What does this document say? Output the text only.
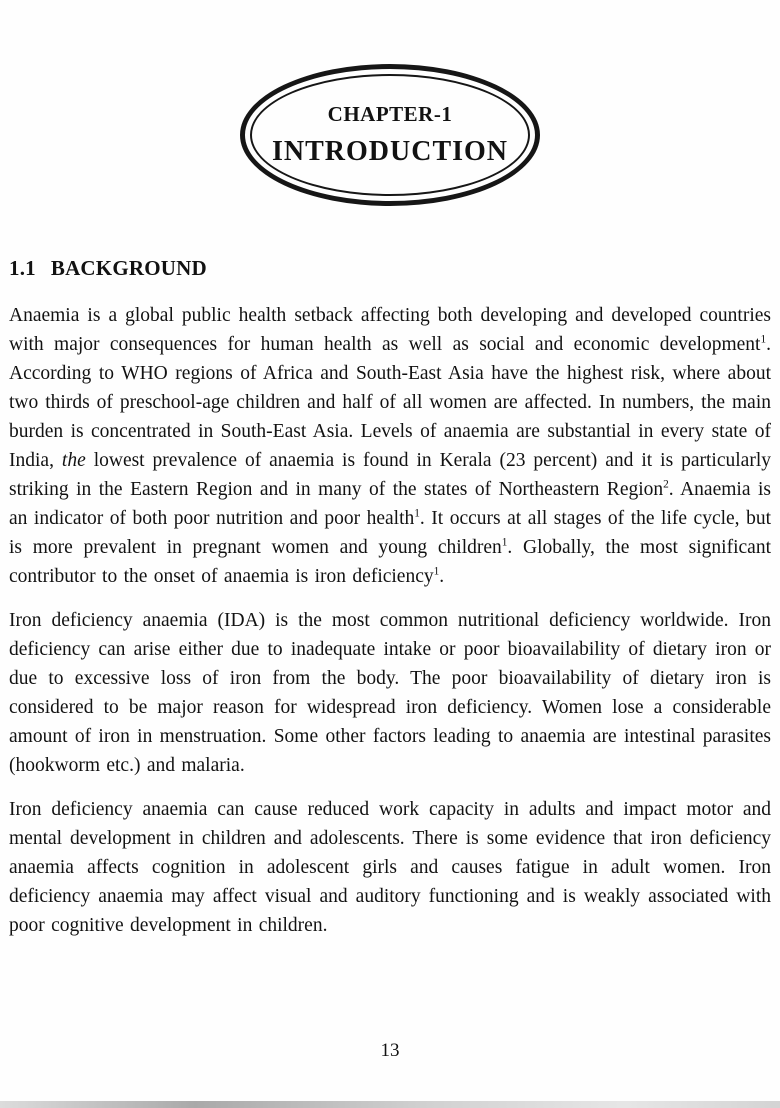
CHAPTER-1
INTRODUCTION
1.1 BACKGROUND

Anaemia is a global public health setback affecting both developing and developed countries with major consequences for human health as well as social and economic development$^1$. According to WHO regions of Africa and South-East Asia have the highest risk, where about two thirds of preschool-age children and half of all women are affected. In numbers, the main burden is concentrated in South-East Asia. Levels of anaemia are substantial in every state of India, the lowest prevalence of anaemia is found in Kerala (23 percent) and it is particularly striking in the Eastern Region and in many of the states of Northeastern Region$^2$. Anaemia is an indicator of both poor nutrition and poor health$^1$. It occurs at all stages of the life cycle, but is more prevalent in pregnant women and young children$^1$. Globally, the most significant contributor to the onset of anaemia is iron deficiency$^1$.

Iron deficiency anaemia (IDA) is the most common nutritional deficiency worldwide. Iron deficiency can arise either due to inadequate intake or poor bioavailability of dietary iron or due to excessive loss of iron from the body. The poor bioavailability of dietary iron is considered to be major reason for widespread iron deficiency. Women lose a considerable amount of iron in menstruation. Some other factors leading to anaemia are intestinal parasites (hookworm etc.) and malaria.

Iron deficiency anaemia can cause reduced work capacity in adults and impact motor and mental development in children and adolescents. There is some evidence that iron deficiency anaemia affects cognition in adolescent girls and causes fatigue in adult women. Iron deficiency anaemia may affect visual and auditory functioning and is weakly associated with poor cognitive development in children.

13
